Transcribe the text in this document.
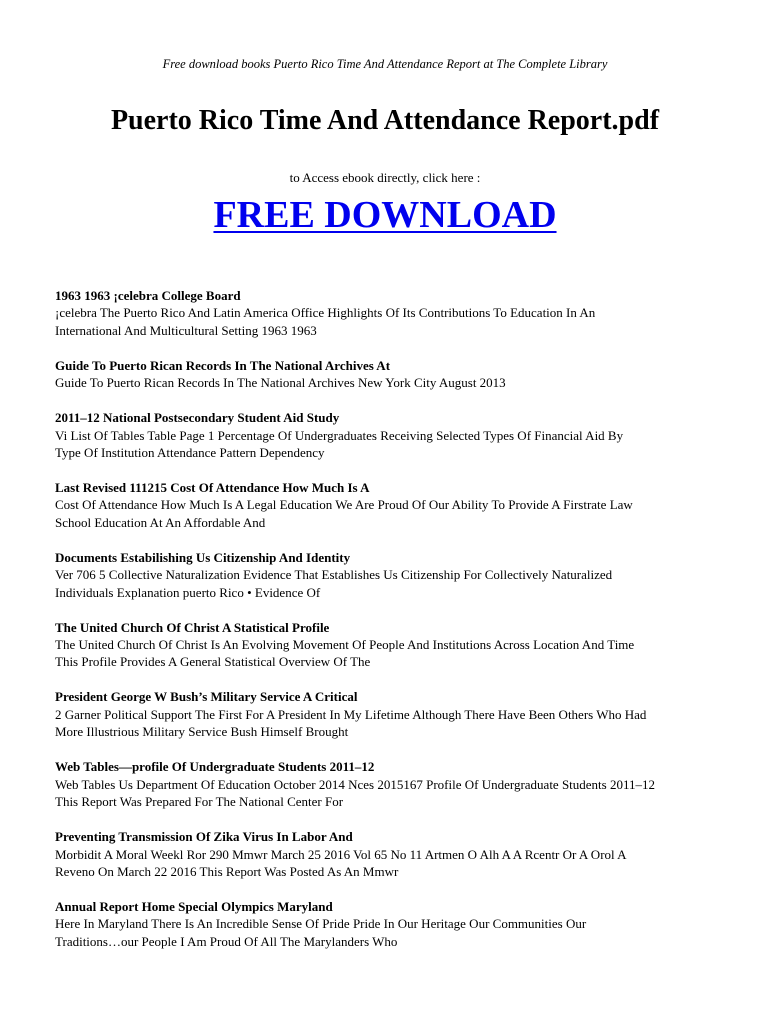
Free download books Puerto Rico Time And Attendance Report at The Complete Library
Puerto Rico Time And Attendance Report.pdf
to Access ebook directly, click here :
FREE DOWNLOAD

1963 1963 ¡celebra College Board

¡celebra The Puerto Rico And Latin America Office Highlights Of Its Contributions To Education In An

International And Multicultural Setting 1963 1963

Guide To Puerto Rican Records In The National Archives At

Guide To Puerto Rican Records In The National Archives New York City August 2013

2011–12 National Postsecondary Student Aid Study

Vi List Of Tables Table Page 1 Percentage Of Undergraduates Receiving Selected Types Of Financial Aid By

Type Of Institution Attendance Pattern Dependency

Last Revised 111215 Cost Of Attendance How Much Is A

Cost Of Attendance How Much Is A Legal Education We Are Proud Of Our Ability To Provide A Firstrate Law

School Education At An Affordable And

Documents Estabilishing Us Citizenship And Identity

Ver 706 5 Collective Naturalization Evidence That Establishes Us Citizenship For Collectively Naturalized

Individuals Explanation puerto Rico • Evidence Of

The United Church Of Christ A Statistical Profile

The United Church Of Christ Is An Evolving Movement Of People And Institutions Across Location And Time

This Profile Provides A General Statistical Overview Of The

President George W Bush’s Military Service A Critical

2 Garner Political Support The First For A President In My Lifetime Although There Have Been Others Who Had

More Illustrious Military Service Bush Himself Brought

Web Tables—profile Of Undergraduate Students 2011–12

Web Tables Us Department Of Education October 2014 Nces 2015167 Profile Of Undergraduate Students 2011–12

This Report Was Prepared For The National Center For

Preventing Transmission Of Zika Virus In Labor And

Morbidit A Moral Weekl Ror 290 Mmwr March 25 2016 Vol 65 No 11 Artmen O Alh A A Rcentr Or A Orol A

Reveno On March 22 2016 This Report Was Posted As An Mmwr

Annual Report Home Special Olympics Maryland

Here In Maryland There Is An Incredible Sense Of Pride Pride In Our Heritage Our Communities Our

Traditions…our People I Am Proud Of All The Marylanders Who
